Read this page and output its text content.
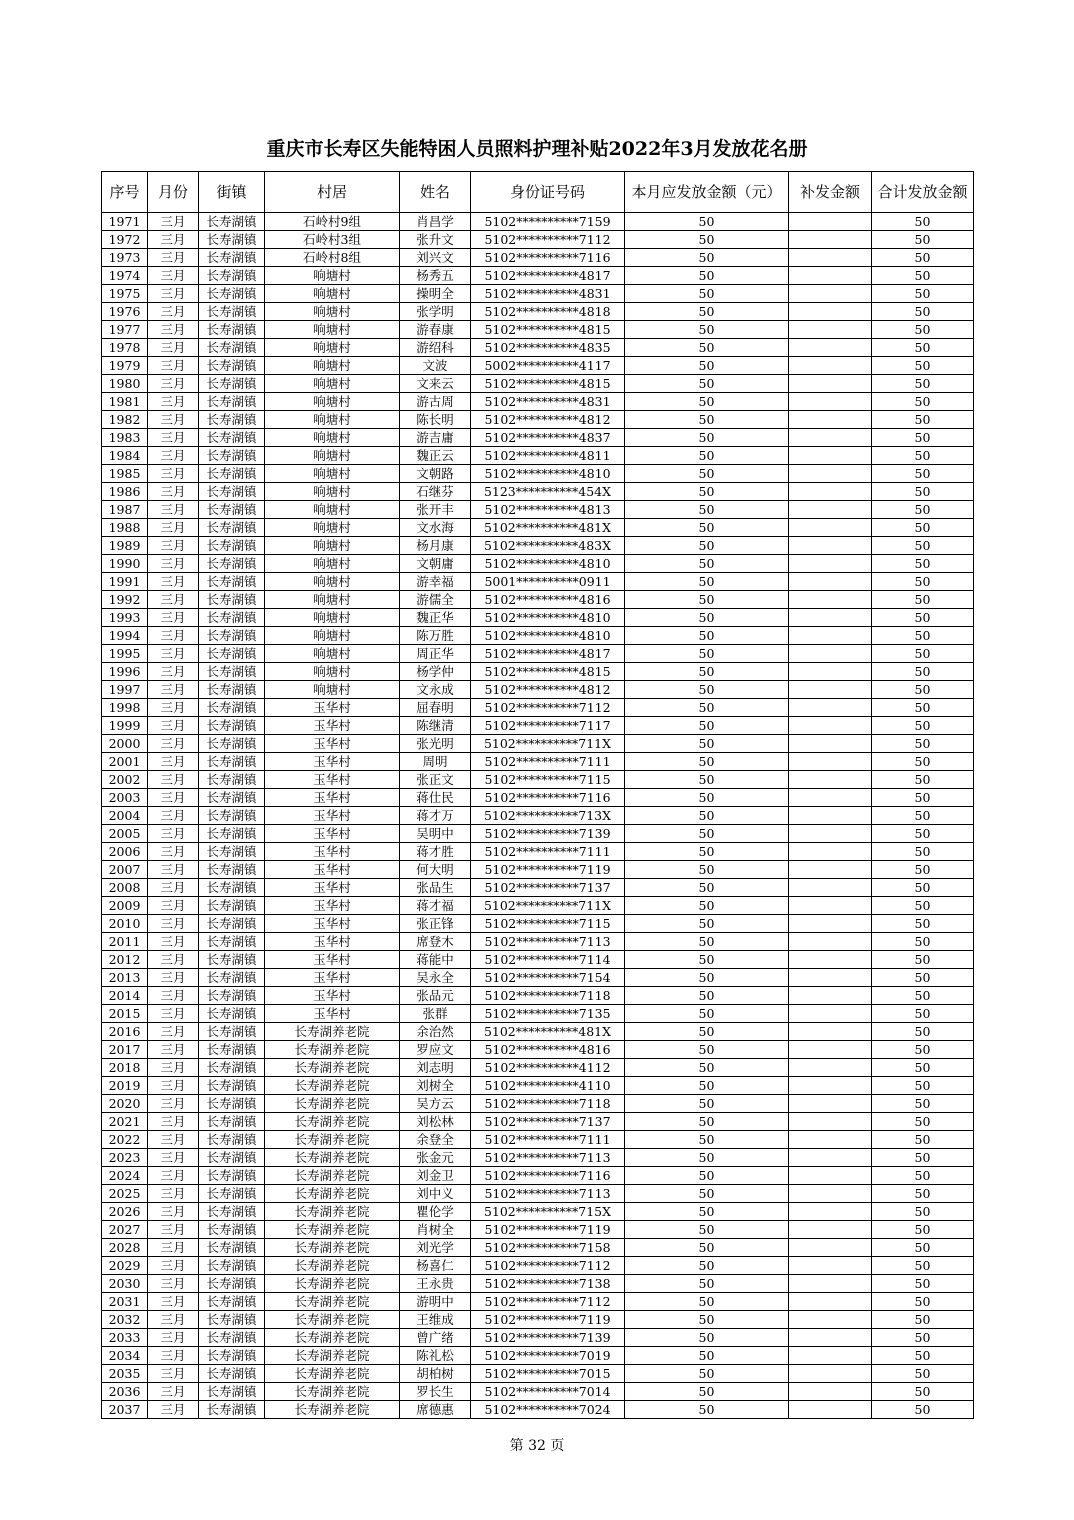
重庆市长寿区失能特困人员照料护理补贴2022年3月发放花名册
序号	月份	街镇	村居	姓名	身份证号码	本月应发放金额（元）	补发金额	合计发放金额
1971	三月	长寿湖镇	石岭村9组	肖昌学	5102**********7159	50		50
1972	三月	长寿湖镇	石岭村3组	张升文	5102**********7112	50		50
1973	三月	长寿湖镇	石岭村8组	刘兴文	5102**********7116	50		50
1974	三月	长寿湖镇	响塘村	杨秀五	5102**********4817	50		50
1975	三月	长寿湖镇	响塘村	操明全	5102**********4831	50		50
1976	三月	长寿湖镇	响塘村	张学明	5102**********4818	50		50
1977	三月	长寿湖镇	响塘村	游春康	5102**********4815	50		50
1978	三月	长寿湖镇	响塘村	游绍科	5102**********4835	50		50
1979	三月	长寿湖镇	响塘村	文波	5002**********4117	50		50
1980	三月	长寿湖镇	响塘村	文来云	5102**********4815	50		50
1981	三月	长寿湖镇	响塘村	游古周	5102**********4831	50		50
1982	三月	长寿湖镇	响塘村	陈长明	5102**********4812	50		50
1983	三月	长寿湖镇	响塘村	游吉庸	5102**********4837	50		50
1984	三月	长寿湖镇	响塘村	魏正云	5102**********4811	50		50
1985	三月	长寿湖镇	响塘村	文朝路	5102**********4810	50		50
1986	三月	长寿湖镇	响塘村	石继芬	5123**********454X	50		50
1987	三月	长寿湖镇	响塘村	张开丰	5102**********4813	50		50
1988	三月	长寿湖镇	响塘村	文水海	5102**********481X	50		50
1989	三月	长寿湖镇	响塘村	杨月康	5102**********483X	50		50
1990	三月	长寿湖镇	响塘村	文朝庸	5102**********4810	50		50
1991	三月	长寿湖镇	响塘村	游幸福	5001**********0911	50		50
1992	三月	长寿湖镇	响塘村	游儒全	5102**********4816	50		50
1993	三月	长寿湖镇	响塘村	魏正华	5102**********4810	50		50
1994	三月	长寿湖镇	响塘村	陈万胜	5102**********4810	50		50
1995	三月	长寿湖镇	响塘村	周正华	5102**********4817	50		50
1996	三月	长寿湖镇	响塘村	杨学仲	5102**********4815	50		50
1997	三月	长寿湖镇	响塘村	文永成	5102**********4812	50		50
1998	三月	长寿湖镇	玉华村	屈春明	5102**********7112	50		50
1999	三月	长寿湖镇	玉华村	陈继清	5102**********7117	50		50
2000	三月	长寿湖镇	玉华村	张光明	5102**********711X	50		50
2001	三月	长寿湖镇	玉华村	周明	5102**********7111	50		50
2002	三月	长寿湖镇	玉华村	张正文	5102**********7115	50		50
2003	三月	长寿湖镇	玉华村	蒋仕民	5102**********7116	50		50
2004	三月	长寿湖镇	玉华村	蒋才万	5102**********713X	50		50
2005	三月	长寿湖镇	玉华村	吴明中	5102**********7139	50		50
2006	三月	长寿湖镇	玉华村	蒋才胜	5102**********7111	50		50
2007	三月	长寿湖镇	玉华村	何大明	5102**********7119	50		50
2008	三月	长寿湖镇	玉华村	张品生	5102**********7137	50		50
2009	三月	长寿湖镇	玉华村	蒋才福	5102**********711X	50		50
2010	三月	长寿湖镇	玉华村	张正锋	5102**********7115	50		50
2011	三月	长寿湖镇	玉华村	席登木	5102**********7113	50		50
2012	三月	长寿湖镇	玉华村	蒋能中	5102**********7114	50		50
2013	三月	长寿湖镇	玉华村	吴永全	5102**********7154	50		50
2014	三月	长寿湖镇	玉华村	张品元	5102**********7118	50		50
2015	三月	长寿湖镇	玉华村	张群	5102**********7135	50		50
2016	三月	长寿湖镇	长寿湖养老院	余治然	5102**********481X	50		50
2017	三月	长寿湖镇	长寿湖养老院	罗应文	5102**********4816	50		50
2018	三月	长寿湖镇	长寿湖养老院	刘志明	5102**********4112	50		50
2019	三月	长寿湖镇	长寿湖养老院	刘树全	5102**********4110	50		50
2020	三月	长寿湖镇	长寿湖养老院	吴方云	5102**********7118	50		50
2021	三月	长寿湖镇	长寿湖养老院	刘松林	5102**********7137	50		50
2022	三月	长寿湖镇	长寿湖养老院	余登全	5102**********7111	50		50
2023	三月	长寿湖镇	长寿湖养老院	张金元	5102**********7113	50		50
2024	三月	长寿湖镇	长寿湖养老院	刘金卫	5102**********7116	50		50
2025	三月	长寿湖镇	长寿湖养老院	刘中义	5102**********7113	50		50
2026	三月	长寿湖镇	长寿湖养老院	瞿伦学	5102**********715X	50		50
2027	三月	长寿湖镇	长寿湖养老院	肖树全	5102**********7119	50		50
2028	三月	长寿湖镇	长寿湖养老院	刘光学	5102**********7158	50		50
2029	三月	长寿湖镇	长寿湖养老院	杨喜仁	5102**********7112	50		50
2030	三月	长寿湖镇	长寿湖养老院	王永贵	5102**********7138	50		50
2031	三月	长寿湖镇	长寿湖养老院	游明中	5102**********7112	50		50
2032	三月	长寿湖镇	长寿湖养老院	王维成	5102**********7119	50		50
2033	三月	长寿湖镇	长寿湖养老院	曾广绪	5102**********7139	50		50
2034	三月	长寿湖镇	长寿湖养老院	陈礼松	5102**********7019	50		50
2035	三月	长寿湖镇	长寿湖养老院	胡柏树	5102**********7015	50		50
2036	三月	长寿湖镇	长寿湖养老院	罗长生	5102**********7014	50		50
2037	三月	长寿湖镇	长寿湖养老院	席德惠	5102**********7024	50		50
第 32 页
